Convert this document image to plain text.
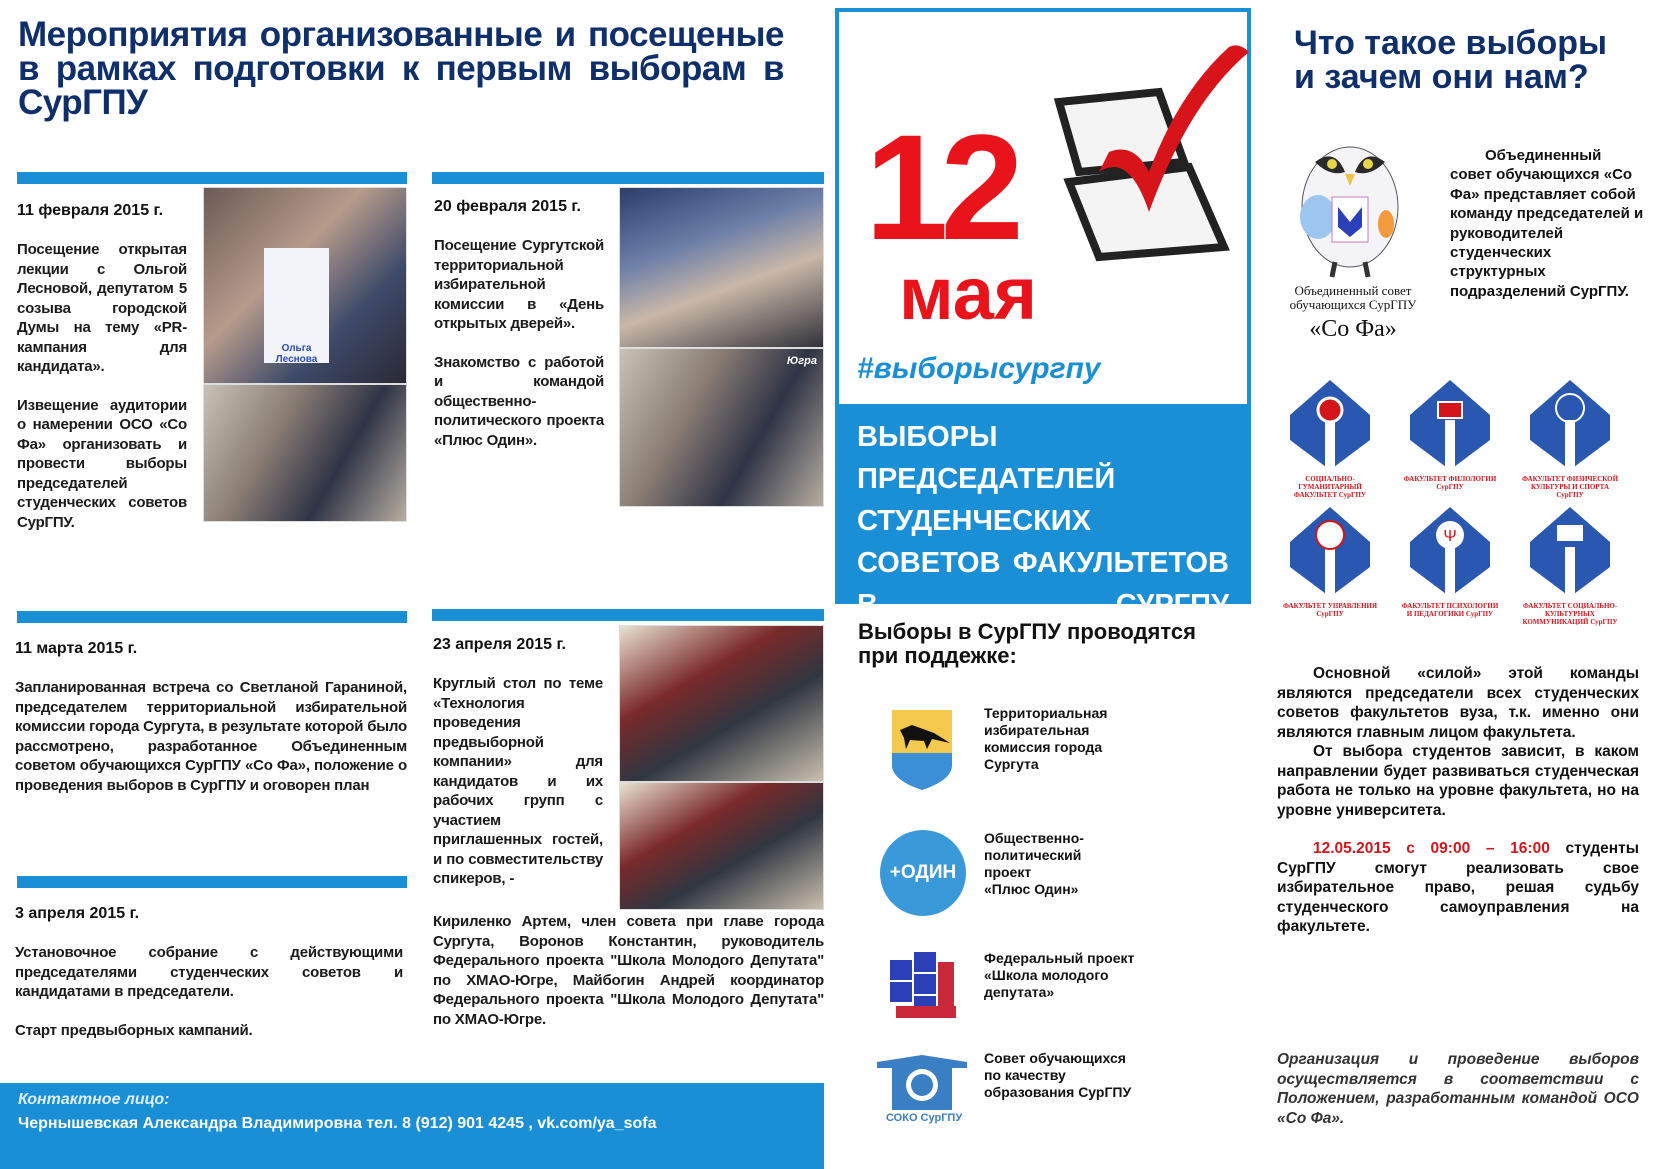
Мероприятия организованные и посещеные в рамках подготовки к первым выборам в СурГПУ
11 февраля 2015 г.

Посещение открытая лекции с Ольгой Лесновой, депутатом 5 созыва городской Думы на тему «PR-кампания для кандидата».

Извещение аудитории о намерении ОСО «Со Фа» организовать и провести выборы председателей студенческих советов СурГПУ.

Ольга Леснова
20 февраля 2015 г.

Посещение Сургутской территориальной избирательной комиссии в «День открытых дверей».

Знакомство с работой и командой общественно-политического проекта «Плюс Один».

Югра
11 марта 2015 г.

Запланированная встреча со Светланой Гараниной, председателем территориальной избирательной комиссии города Сургута, в результате которой было рассмотрено, разработанное Объединенным советом обучающихся СурГПУ «Со Фа», положение о проведения выборов в СурГПУ и оговорен план

3 апреля 2015 г.

Установочное собрание с действующими председателями студенческих советов и кандидатами в председатели.

Старт предвыборных кампаний.

23 апреля 2015 г.

Круглый стол по теме «Технология проведения предвыборной компании» для кандидатов и их рабочих групп с участием приглашенных гостей, и по совместительству спикеров, -

Кириленко Артем, член совета при главе города Сургута, Воронов Константин, руководитель Федерального проекта "Школа Молодого Депутата" по ХМАО-Югре, Майбогин Андрей координатор Федерального проекта "Школа Молодого Депутата" по ХМАО-Югре.
Контактное лицо:
Чернышевская Александра Владимировна тел. 8 (912) 901 4245 , vk.com/ya_sofa
12
мая
#выборысургпу
ВЫБОРЫ ПРЕДСЕДАТЕЛЕЙ СТУДЕНЧЕСКИХ СОВЕТОВ ФАКУЛЬТЕТОВ В СУРГПУ
Выборы в СурГПУ проводятся при поддежке:
Территориальная
избирательная
комиссия города
Сургута
+ОДИН
Общественно-
политический
проект
«Плюс Один»
Федеральный проект
«Школа молодого
депутата»
СОКО СурГПУ
Совет обучающихся
по качеству
образования СурГПУ
Что такое выборы и зачем они нам?
Объединенный совет обучающихся СурГПУ
«Со Фа»
Объединенный совет обучающихся «Со Фа» представляет собой команду председателей и руководителей студенческих структурных подразделений СурГПУ.
СОЦИАЛЬНО-ГУМАНИТАРНЫЙ ФАКУЛЬТЕТ СурГПУ
ФАКУЛЬТЕТ ФИЛОЛОГИИ СурГПУ
ФАКУЛЬТЕТ ФИЗИЧЕСКОЙ КУЛЬТУРЫ И СПОРТА СурГПУ
ФАКУЛЬТЕТ УПРАВЛЕНИЯ СурГПУ
Ψ
ФАКУЛЬТЕТ ПСИХОЛОГИИ И ПЕДАГОГИКИ СурГПУ
ФАКУЛЬТЕТ СОЦИАЛЬНО-КУЛЬТУРНЫХ КОММУНИКАЦИЙ СурГПУ
Основной «силой» этой команды являются председатели всех студенческих советов факультетов вуза, т.к. именно они являются главным лицом факультета.
От выбора студентов зависит, в каком направлении будет развиваться студенческая работа не только на уровне факультета, но на уровне университета.
12.05.2015 с 09:00 – 16:00 студенты СурГПУ смогут реализовать свое избирательное право, решая судьбу студенческого самоуправления на факультете.
Организация и проведение выборов осуществляется в соответствии с Положением, разработанным командой ОСО «Со Фа».
